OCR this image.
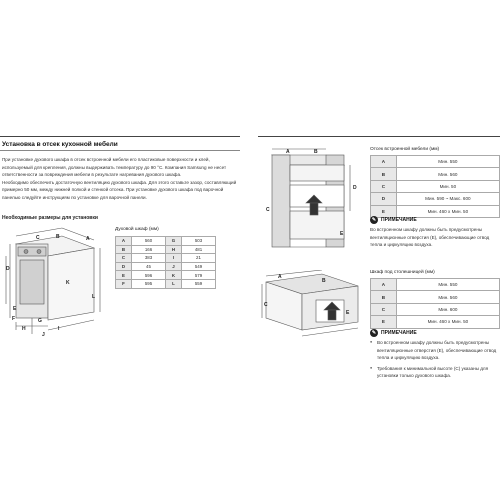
Установка в отсек кухонной мебели
При установке духового шкафа в отсек встроенной мебели его пластиковые поверхности и клей,
используемый для крепления, должны выдерживать температуру до 90 °С. Компания Samsung не несет
ответственности за повреждения мебели в результате нагревания духового шкафа.
Необходимо обеспечить достаточную вентиляцию духового шкафа. Для этого оставьте зазор, составляющий
примерно 50 мм, между нижней полкой и стенкой отсека. При установке духового шкафа под варочной
панелью следуйте инструкциям по установке для варочной панели.
Необходимые размеры для установки
A
B
C
D
E
F	G
H	I
J
K
L
Духовой шкаф (мм)
A	560	G	503
B	166	H	481
C	383	I	21
D	45	J	549
E	596	K	579
F	595	L	559
A	B
C
D
E
Отсек встроенной мебели (мм)
A	Мин. 550
B	Мин. 560
C	Мин. 50
D	Мин. 590 ~ Макс. 600
E	Мин. 460 x Мин. 50
✎ ПРИМЕЧАНИЕ
Во встроенном шкафу должны быть предусмотрены
вентиляционные отверстия (E), обеспечивающие отвод
тепла и циркуляцию воздуха.
A
B
C
E
Шкаф под столешницей (мм)
A	Мин. 550
B	Мин. 560
C	Мин. 600
E	Мин. 460 x Мин. 50
✎ ПРИМЕЧАНИЕ
● Во встроенном шкафу должны быть предусмотрены
вентиляционные отверстия (E), обеспечивающие отвод
тепла и циркуляцию воздуха.
● Требования к минимальной высоте (C) указаны для
установки только духового шкафа.
